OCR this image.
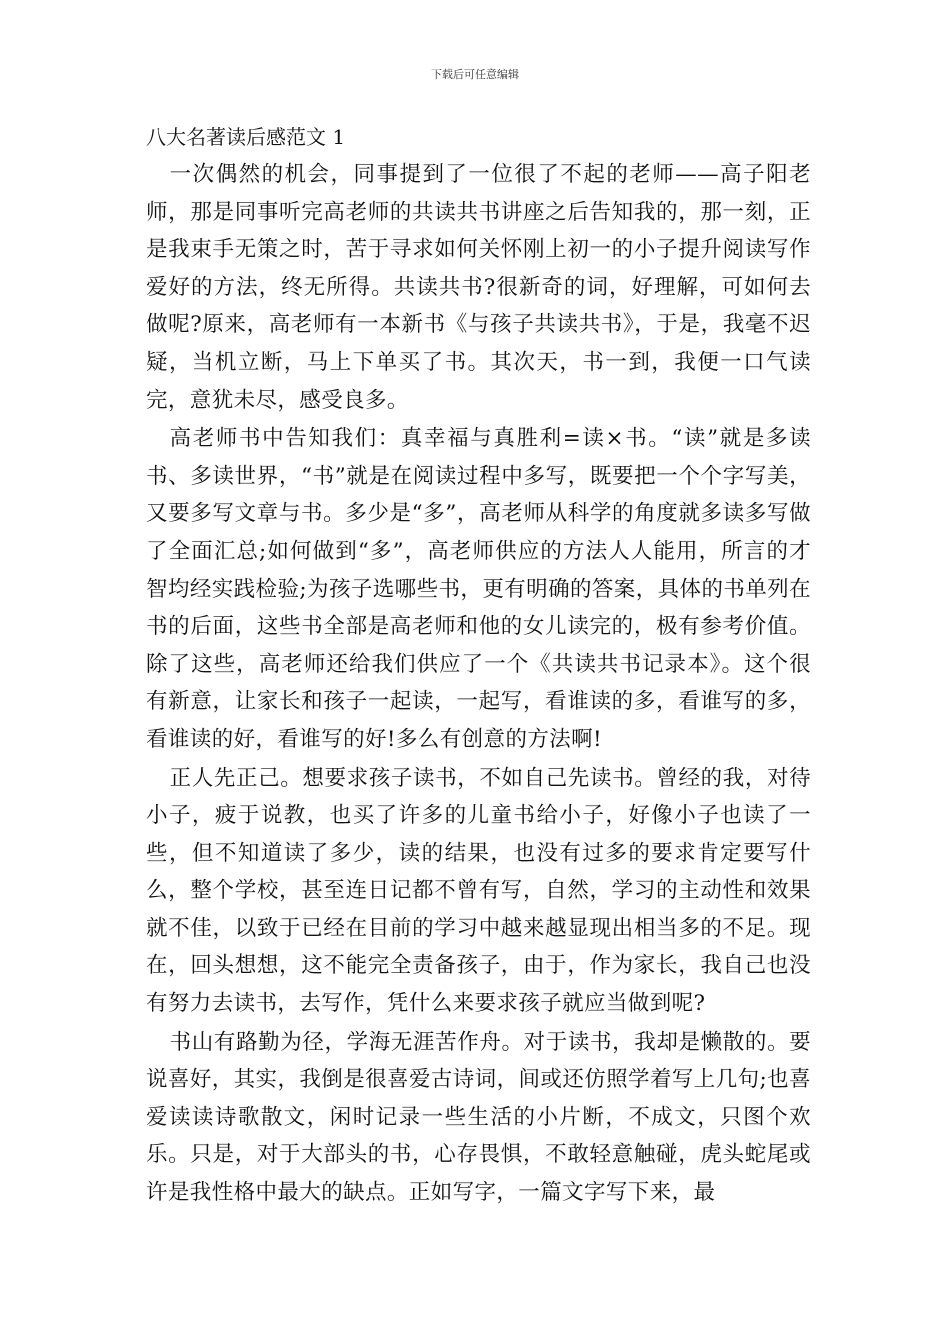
下载后可任意编辑
八大名著读后感范文 1

一次偶然的机会，同事提到了一位很了不起的老师——高子阳老师，那是同事听完高老师的共读共书讲座之后告知我的，那一刻，正是我束手无策之时，苦于寻求如何关怀刚上初一的小子提升阅读写作爱好的方法，终无所得。共读共书?很新奇的词，好理解，可如何去做呢?原来，高老师有一本新书《与孩子共读共书》，于是，我毫不迟疑，当机立断，马上下单买了书。其次天，书一到，我便一口气读完，意犹未尽，感受良多。

高老师书中告知我们：真幸福与真胜利=读×书。“读”就是多读书、多读世界，“书”就是在阅读过程中多写，既要把一个个字写美，又要多写文章与书。多少是“多”，高老师从科学的角度就多读多写做了全面汇总;如何做到“多”，高老师供应的方法人人能用，所言的才智均经实践检验;为孩子选哪些书，更有明确的答案，具体的书单列在书的后面，这些书全部是高老师和他的女儿读完的，极有参考价值。除了这些，高老师还给我们供应了一个《共读共书记录本》。这个很有新意，让家长和孩子一起读，一起写，看谁读的多，看谁写的多，看谁读的好，看谁写的好!多么有创意的方法啊!

正人先正己。想要求孩子读书，不如自己先读书。曾经的我，对待小子，疲于说教，也买了许多的儿童书给小子，好像小子也读了一些，但不知道读了多少，读的结果，也没有过多的要求肯定要写什么，整个学校，甚至连日记都不曾有写，自然，学习的主动性和效果就不佳，以致于已经在目前的学习中越来越显现出相当多的不足。现在，回头想想，这不能完全责备孩子，由于，作为家长，我自己也没有努力去读书，去写作，凭什么来要求孩子就应当做到呢?

书山有路勤为径，学海无涯苦作舟。对于读书，我却是懒散的。要说喜好，其实，我倒是很喜爱古诗词，间或还仿照学着写上几句;也喜爱读读诗歌散文，闲时记录一些生活的小片断，不成文，只图个欢乐。只是，对于大部头的书，心存畏惧，不敢轻意触碰，虎头蛇尾或许是我性格中最大的缺点。正如写字，一篇文字写下来，最
